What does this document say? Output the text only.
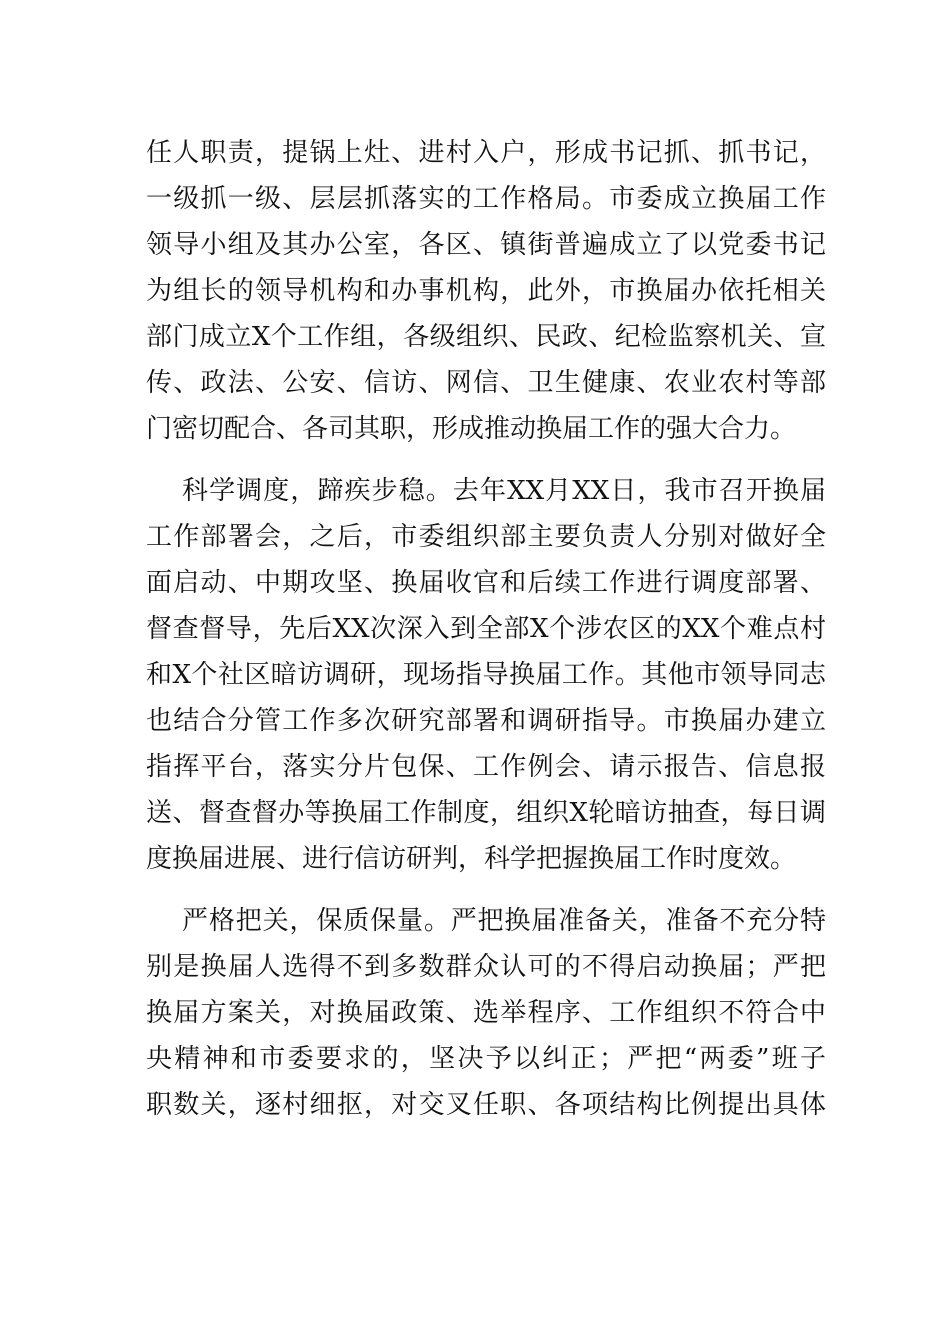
任人职责，提锅上灶、进村入户，形成书记抓、抓书记，
一级抓一级、层层抓落实的工作格局。市委成立换届工作
领导小组及其办公室，各区、镇街普遍成立了以党委书记
为组长的领导机构和办事机构，此外，市换届办依托相关
部门成立X个工作组，各级组织、民政、纪检监察机关、宣
传、政法、公安、信访、网信、卫生健康、农业农村等部
门密切配合、各司其职，形成推动换届工作的强大合力。
科学调度，蹄疾步稳。去年XX月XX日，我市召开换届
工作部署会，之后，市委组织部主要负责人分别对做好全
面启动、中期攻坚、换届收官和后续工作进行调度部署、
督查督导，先后XX次深入到全部X个涉农区的XX个难点村
和X个社区暗访调研，现场指导换届工作。其他市领导同志
也结合分管工作多次研究部署和调研指导。市换届办建立
指挥平台，落实分片包保、工作例会、请示报告、信息报
送、督查督办等换届工作制度，组织X轮暗访抽查，每日调
度换届进展、进行信访研判，科学把握换届工作时度效。
严格把关，保质保量。严把换届准备关，准备不充分特
别是换届人选得不到多数群众认可的不得启动换届；严把
换届方案关，对换届政策、选举程序、工作组织不符合中
央精神和市委要求的，坚决予以纠正；严把“两委”班子
职数关，逐村细抠，对交叉任职、各项结构比例提出具体
